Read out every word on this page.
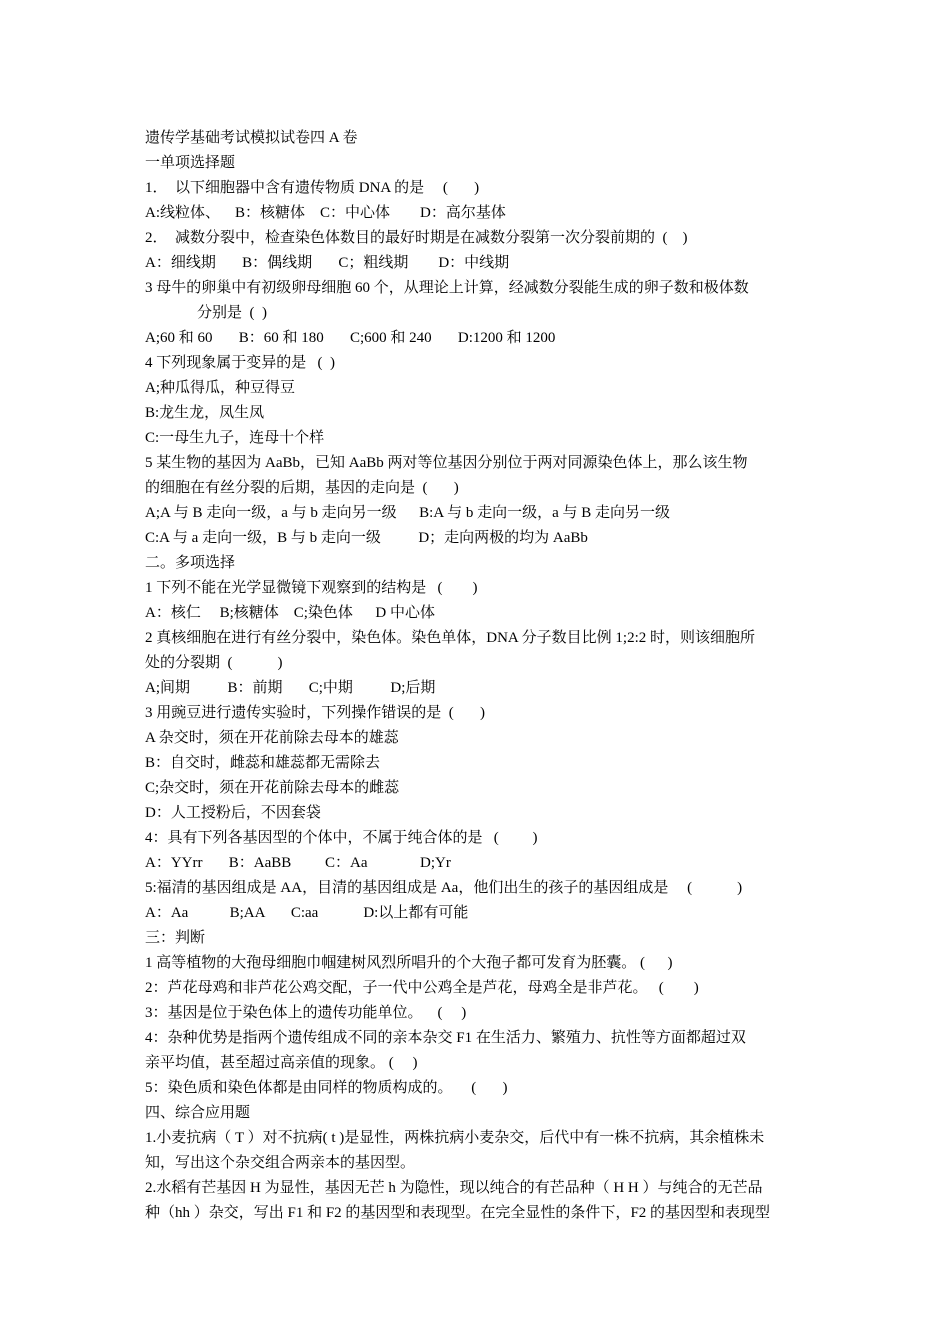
遗传学基础考试模拟试卷四 A 卷
一单项选择题
1．  以下细胞器中含有遗传物质 DNA 的是     (       )
A:线粒体、    B：核糖体    C：中心体        D：高尔基体
2．  减数分裂中，检查染色体数目的最好时期是在减数分裂第一次分裂前期的  (    )
A：细线期       B：偶线期       C；粗线期        D：中线期
3 母牛的卵巢中有初级卵母细胞 60 个，从理论上计算，经减数分裂能生成的卵子数和极体数
分别是  (  )
A;60 和 60       B：60 和 180       C;600 和 240       D:1200 和 1200
4 下列现象属于变异的是   (  )
A;种瓜得瓜，种豆得豆
B:龙生龙，凤生凤
C:一母生九子，连母十个样
5 某生物的基因为 AaBb，已知 AaBb 两对等位基因分别位于两对同源染色体上，那么该生物
的细胞在有丝分裂的后期，基因的走向是  (       )
A;A 与 B 走向一级，a 与 b 走向另一级      B:A 与 b 走向一级，a 与 B 走向另一级
C:A 与 a 走向一级，B 与 b 走向一级          D；走向两极的均为 AaBb
二。多项选择
1 下列不能在光学显微镜下观察到的结构是   (        )
A：核仁     B;核糖体    C;染色体      D 中心体
2 真核细胞在进行有丝分裂中，染色体。染色单体，DNA 分子数目比例 1;2:2 时，则该细胞所
处的分裂期  (            )
A;间期          B：前期       C;中期          D;后期
3 用豌豆进行遗传实验时，下列操作错误的是  (       )
A 杂交时，须在开花前除去母本的雄蕊
B：自交时，雌蕊和雄蕊都无需除去
C;杂交时，须在开花前除去母本的雌蕊
D：人工授粉后，不因套袋
4：具有下列各基因型的个体中，不属于纯合体的是   (         )
A：YYrr       B：AaBB         C：Aa              D;Yr
5:福清的基因组成是 AA，目清的基因组成是 Aa，他们出生的孩子的基因组成是     (            )
A：Aa           B;AA       C:aa            D:以上都有可能
三：判断
1 高等植物的大孢母细胞巾帼建树风烈所唱升的个大孢子都可发育为胚囊。 (      )
2：芦花母鸡和非芦花公鸡交配，子一代中公鸡全是芦花，母鸡全是非芦花。   (        )
3：基因是位于染色体上的遗传功能单位。    (     )
4：杂种优势是指两个遗传组成不同的亲本杂交 F1 在生活力、繁殖力、抗性等方面都超过双
亲平均值，甚至超过高亲值的现象。 (     )
5：染色质和染色体都是由同样的物质构成的。     (       )
四、综合应用题
1.小麦抗病（ T ）对不抗病( t )是显性，两株抗病小麦杂交，后代中有一株不抗病，其余植株未
知，写出这个杂交组合两亲本的基因型。
2.水稻有芒基因 H 为显性，基因无芒 h 为隐性，现以纯合的有芒品种（ H H ）与纯合的无芒品
种（hh ）杂交，写出 F1 和 F2 的基因型和表现型。在完全显性的条件下，F2 的基因型和表现型
